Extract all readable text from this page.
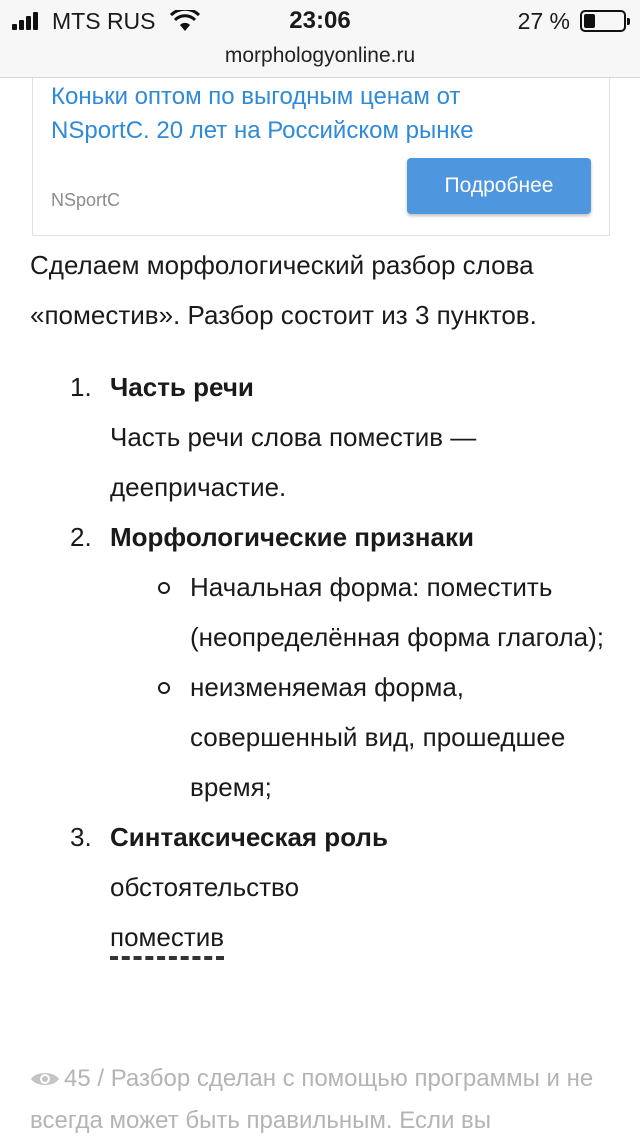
MTS RUS	23:06	27 %
morphologyonline.ru
Коньки оптом по выгодным ценам от NSportC. 20 лет на Российском рынке
NSportC
Подробнее
Сделаем морфологический разбор слова «поместив». Разбор состоит из 3 пунктов.
1. Часть речи
Часть речи слова поместив — деепричастие.
2. Морфологические признаки
Начальная форма: поместить (неопределённая форма глагола);
неизменяемая форма, совершенный вид, прошедшее время;
3. Синтаксическая роль
обстоятельство
поместив
45 / Разбор сделан с помощью программы и не всегда может быть правильным. Если вы
